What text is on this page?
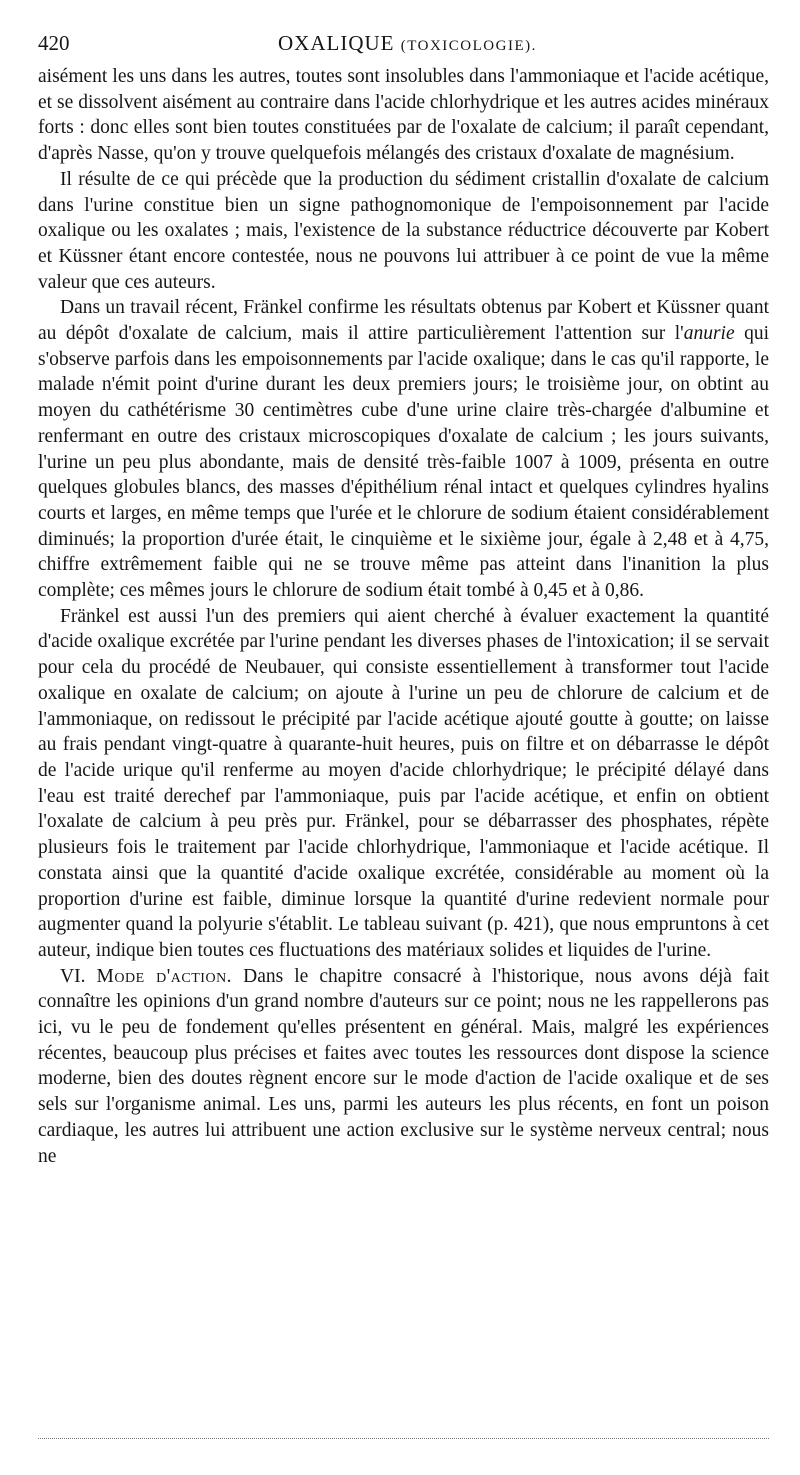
420	OXALIQUE (TOXICOLOGIE).

aisément les uns dans les autres, toutes sont insolubles dans l'ammoniaque et l'acide acétique, et se dissolvent aisément au contraire dans l'acide chlorhydrique et les autres acides minéraux forts : donc elles sont bien toutes constituées par de l'oxalate de calcium; il paraît cependant, d'après Nasse, qu'on y trouve quelquefois mélangés des cristaux d'oxalate de magnésium.

Il résulte de ce qui précède que la production du sédiment cristallin d'oxalate de calcium dans l'urine constitue bien un signe pathognomonique de l'empoisonnement par l'acide oxalique ou les oxalates ; mais, l'existence de la substance réductrice découverte par Kobert et Küssner étant encore contestée, nous ne pouvons lui attribuer à ce point de vue la même valeur que ces auteurs.

Dans un travail récent, Fränkel confirme les résultats obtenus par Kobert et Küssner quant au dépôt d'oxalate de calcium, mais il attire particulièrement l'attention sur l'anurie qui s'observe parfois dans les empoisonnements par l'acide oxalique; dans le cas qu'il rapporte, le malade n'émit point d'urine durant les deux premiers jours; le troisième jour, on obtint au moyen du cathétérisme 30 centimètres cube d'une urine claire très-chargée d'albumine et renfermant en outre des cristaux microscopiques d'oxalate de calcium ; les jours suivants, l'urine un peu plus abondante, mais de densité très-faible 1007 à 1009, présenta en outre quelques globules blancs, des masses d'épithélium rénal intact et quelques cylindres hyalins courts et larges, en même temps que l'urée et le chlorure de sodium étaient considérablement diminués; la proportion d'urée était, le cinquième et le sixième jour, égale à 2,48 et à 4,75, chiffre extrêmement faible qui ne se trouve même pas atteint dans l'inanition la plus complète; ces mêmes jours le chlorure de sodium était tombé à 0,45 et à 0,86.

Fränkel est aussi l'un des premiers qui aient cherché à évaluer exactement la quantité d'acide oxalique excrétée par l'urine pendant les diverses phases de l'intoxication; il se servait pour cela du procédé de Neubauer, qui consiste essentiellement à transformer tout l'acide oxalique en oxalate de calcium; on ajoute à l'urine un peu de chlorure de calcium et de l'ammoniaque, on redissout le précipité par l'acide acétique ajouté goutte à goutte; on laisse au frais pendant vingt-quatre à quarante-huit heures, puis on filtre et on débarrasse le dépôt de l'acide urique qu'il renferme au moyen d'acide chlorhydrique; le précipité délayé dans l'eau est traité derechef par l'ammoniaque, puis par l'acide acétique, et enfin on obtient l'oxalate de calcium à peu près pur. Fränkel, pour se débarrasser des phosphates, répète plusieurs fois le traitement par l'acide chlorhydrique, l'ammoniaque et l'acide acétique. Il constata ainsi que la quantité d'acide oxalique excrétée, considérable au moment où la proportion d'urine est faible, diminue lorsque la quantité d'urine redevient normale pour augmenter quand la polyurie s'établit. Le tableau suivant (p. 421), que nous empruntons à cet auteur, indique bien toutes ces fluctuations des matériaux solides et liquides de l'urine.

VI. Mode d'action. Dans le chapitre consacré à l'historique, nous avons déjà fait connaître les opinions d'un grand nombre d'auteurs sur ce point; nous ne les rappellerons pas ici, vu le peu de fondement qu'elles présentent en général. Mais, malgré les expériences récentes, beaucoup plus précises et faites avec toutes les ressources dont dispose la science moderne, bien des doutes règnent encore sur le mode d'action de l'acide oxalique et de ses sels sur l'organisme animal. Les uns, parmi les auteurs les plus récents, en font un poison cardiaque, les autres lui attribuent une action exclusive sur le système nerveux central; nous ne
